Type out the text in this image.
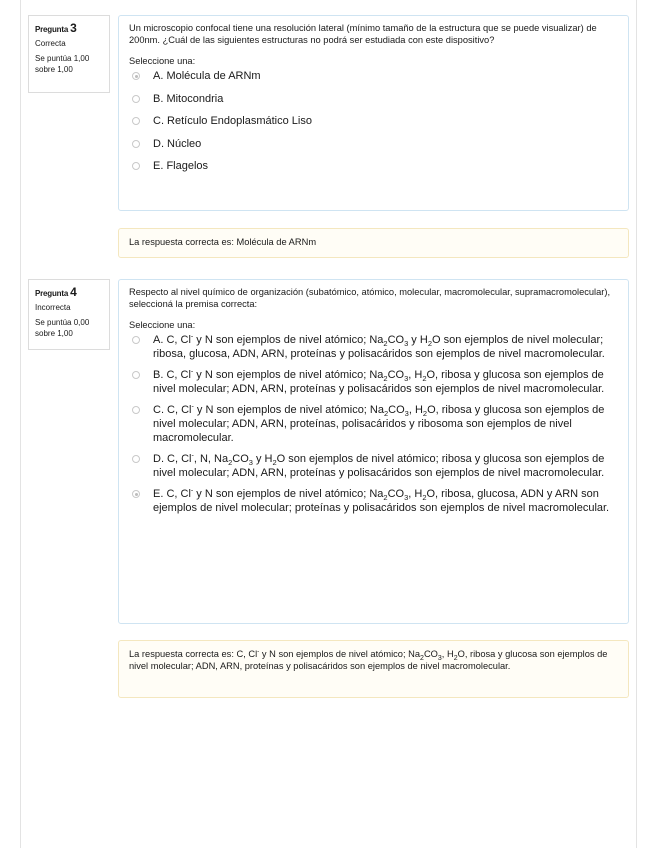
Pregunta 3
Correcta
Se puntúa 1,00 sobre 1,00
Un microscopio confocal tiene una resolución lateral (mínimo tamaño de la estructura que se puede visualizar) de 200nm. ¿Cuál de las siguientes estructuras no podrá ser estudiada con este dispositivo?
Seleccione una:
A. Molécula de ARNm
B. Mitocondria
C. Retículo Endoplasmático Liso
D. Núcleo
E. Flagelos
La respuesta correcta es: Molécula de ARNm
Pregunta 4
Incorrecta
Se puntúa 0,00 sobre 1,00
Respecto al nivel químico de organización (subatómico, atómico, molecular, macromolecular, supramacromolecular), seleccioná la premisa correcta:
Seleccione una:
A. C, Cl- y N son ejemplos de nivel atómico; $Na_2CO_3$ y $H_2O$ son ejemplos de nivel molecular; ribosa, glucosa, ADN, ARN, proteínas y polisacáridos son ejemplos de nivel macromolecular.
B. C, Cl- y N son ejemplos de nivel atómico; $Na_2CO_3$, $H_2O$, ribosa y glucosa son ejemplos de nivel molecular; ADN, ARN, proteínas y polisacáridos son ejemplos de nivel macromolecular.
C. C, Cl- y N son ejemplos de nivel atómico; $Na_2CO_3$, $H_2O$, ribosa y glucosa son ejemplos de nivel molecular; ADN, ARN, proteínas, polisacáridos y ribosoma son ejemplos de nivel macromolecular.
D. C, Cl-, N, $Na_2CO_3$ y $H_2O$ son ejemplos de nivel atómico; ribosa y glucosa son ejemplos de nivel molecular; ADN, ARN, proteínas y polisacáridos son ejemplos de nivel macromolecular.
E. C, Cl- y N son ejemplos de nivel atómico; $Na_2CO_3$, $H_2O$, ribosa, glucosa, ADN y ARN son ejemplos de nivel molecular; proteínas y polisacáridos son ejemplos de nivel macromolecular.
La respuesta correcta es: C, Cl- y N son ejemplos de nivel atómico; $Na_2CO_3$, $H_2O$, ribosa y glucosa son ejemplos de nivel molecular; ADN, ARN, proteínas y polisacáridos son ejemplos de nivel macromolecular.
